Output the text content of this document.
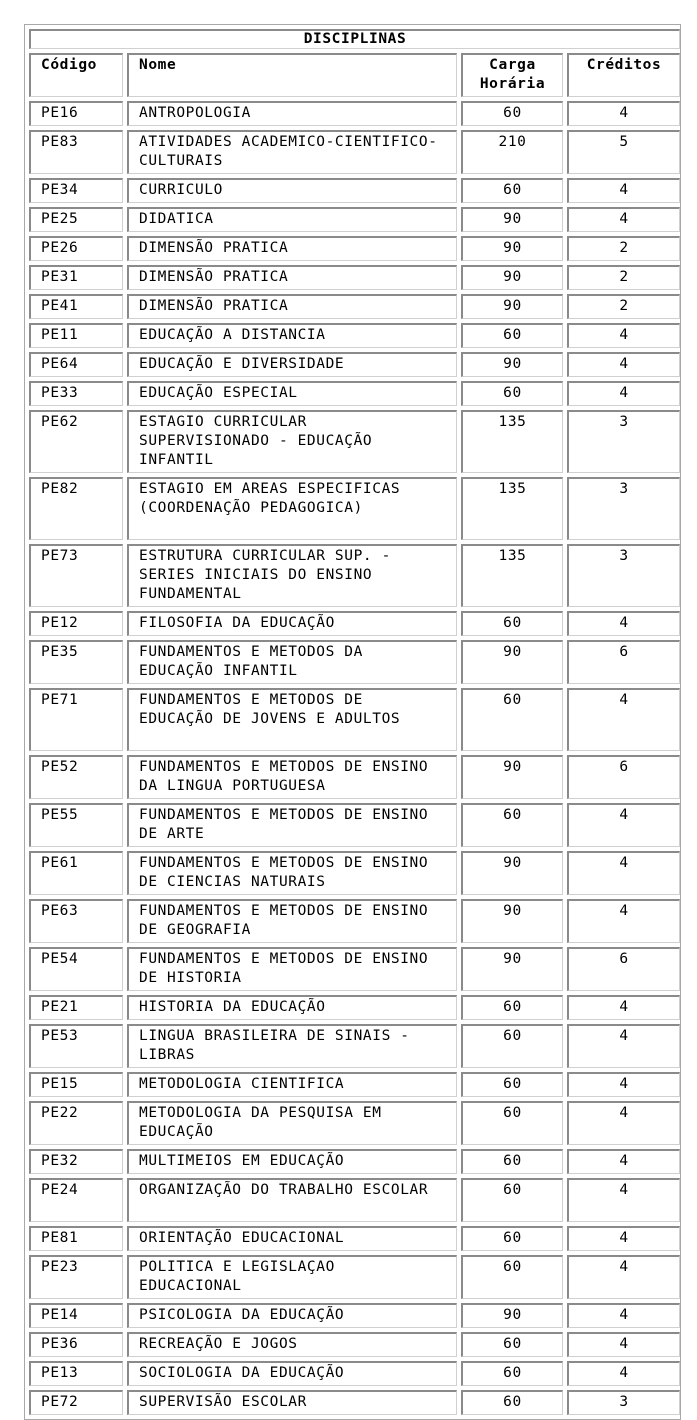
DISCIPLINAS			
Código	Nome	Carga Horária	Créditos
PE16	ANTROPOLOGIA	60	4
PE83	ATIVIDADES ACADEMICO-CIENTIFICO-CULTURAIS	210	5
PE34	CURRICULO	60	4
PE25	DIDATICA	90	4
PE26	DIMENSÃO PRATICA	90	2
PE31	DIMENSÃO PRATICA	90	2
PE41	DIMENSÃO PRATICA	90	2
PE11	EDUCAÇÃO A DISTANCIA	60	4
PE64	EDUCAÇÃO E DIVERSIDADE	90	4
PE33	EDUCAÇÃO ESPECIAL	60	4
PE62	ESTAGIO CURRICULAR SUPERVISIONADO - EDUCAÇÃO INFANTIL	135	3
PE82	ESTAGIO EM AREAS ESPECIFICAS (COORDENAÇÃO PEDAGOGICA)	135	3
PE73	ESTRUTURA CURRICULAR SUP. - SERIES INICIAIS DO ENSINO FUNDAMENTAL	135	3
PE12	FILOSOFIA DA EDUCAÇÃO	60	4
PE35	FUNDAMENTOS E METODOS DA EDUCAÇÃO INFANTIL	90	6
PE71	FUNDAMENTOS E METODOS DE EDUCAÇÃO DE JOVENS E ADULTOS	60	4
PE52	FUNDAMENTOS E METODOS DE ENSINO DA LINGUA PORTUGUESA	90	6
PE55	FUNDAMENTOS E METODOS DE ENSINO DE ARTE	60	4
PE61	FUNDAMENTOS E METODOS DE ENSINO DE CIENCIAS NATURAIS	90	4
PE63	FUNDAMENTOS E METODOS DE ENSINO DE GEOGRAFIA	90	4
PE54	FUNDAMENTOS E METODOS DE ENSINO DE HISTORIA	90	6
PE21	HISTORIA DA EDUCAÇÃO	60	4
PE53	LINGUA BRASILEIRA DE SINAIS - LIBRAS	60	4
PE15	METODOLOGIA CIENTIFICA	60	4
PE22	METODOLOGIA DA PESQUISA EM EDUCAÇÃO	60	4
PE32	MULTIMEIOS EM EDUCAÇÃO	60	4
PE24	ORGANIZAÇÃO DO TRABALHO ESCOLAR	60	4
PE81	ORIENTAÇÃO EDUCACIONAL	60	4
PE23	POLITICA E LEGISLAÇAO EDUCACIONAL	60	4
PE14	PSICOLOGIA DA EDUCAÇÃO	90	4
PE36	RECREAÇÃO E JOGOS	60	4
PE13	SOCIOLOGIA DA EDUCAÇÃO	60	4
PE72	SUPERVISÃO ESCOLAR	60	3
